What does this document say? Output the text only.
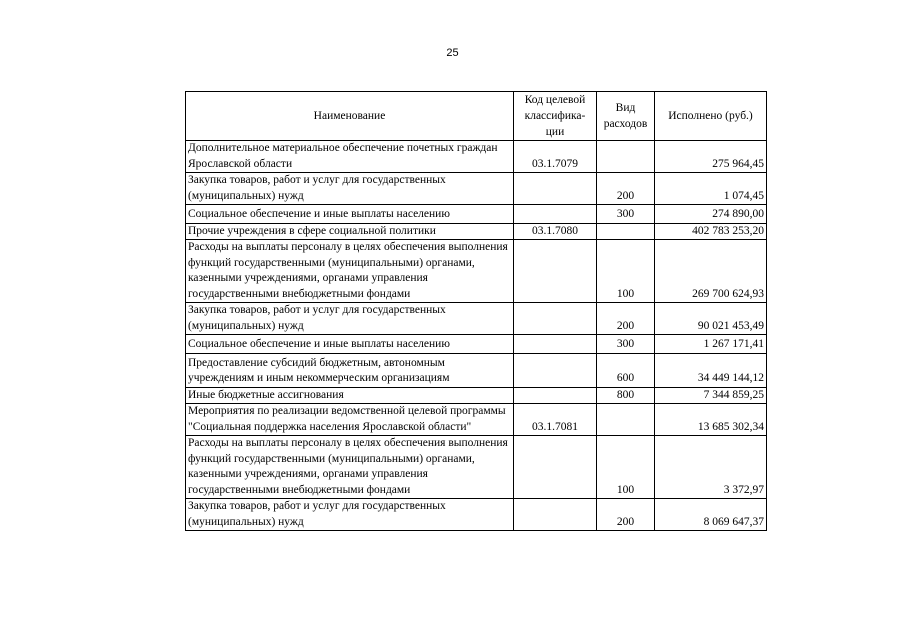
25
Наименование	Код целевой классифика-ции	Вид расходов	Исполнено (руб.)
Дополнительное материальное обеспечение почетных граждан Ярославской области	03.1.7079		275 964,45
Закупка товаров, работ и услуг для государственных (муниципальных) нужд		200	1 074,45
Социальное обеспечение и иные выплаты населению		300	274 890,00
Прочие учреждения в сфере социальной политики	03.1.7080		402 783 253,20
Расходы на выплаты персоналу в целях обеспечения выполнения функций государственными (муниципальными) органами, казенными учреждениями, органами управления государственными внебюджетными фондами		100	269 700 624,93
Закупка товаров, работ и услуг для государственных (муниципальных) нужд		200	90 021 453,49
Социальное обеспечение и иные выплаты населению		300	1 267 171,41
Предоставление субсидий бюджетным, автономным учреждениям и иным некоммерческим организациям		600	34 449 144,12
Иные бюджетные ассигнования		800	7 344 859,25
Мероприятия по реализации ведомственной целевой программы "Социальная поддержка населения Ярославской области"	03.1.7081		13 685 302,34
Расходы на выплаты персоналу в целях обеспечения выполнения функций государственными (муниципальными) органами, казенными учреждениями, органами управления государственными внебюджетными фондами		100	3 372,97
Закупка товаров, работ и услуг для государственных (муниципальных) нужд		200	8 069 647,37
